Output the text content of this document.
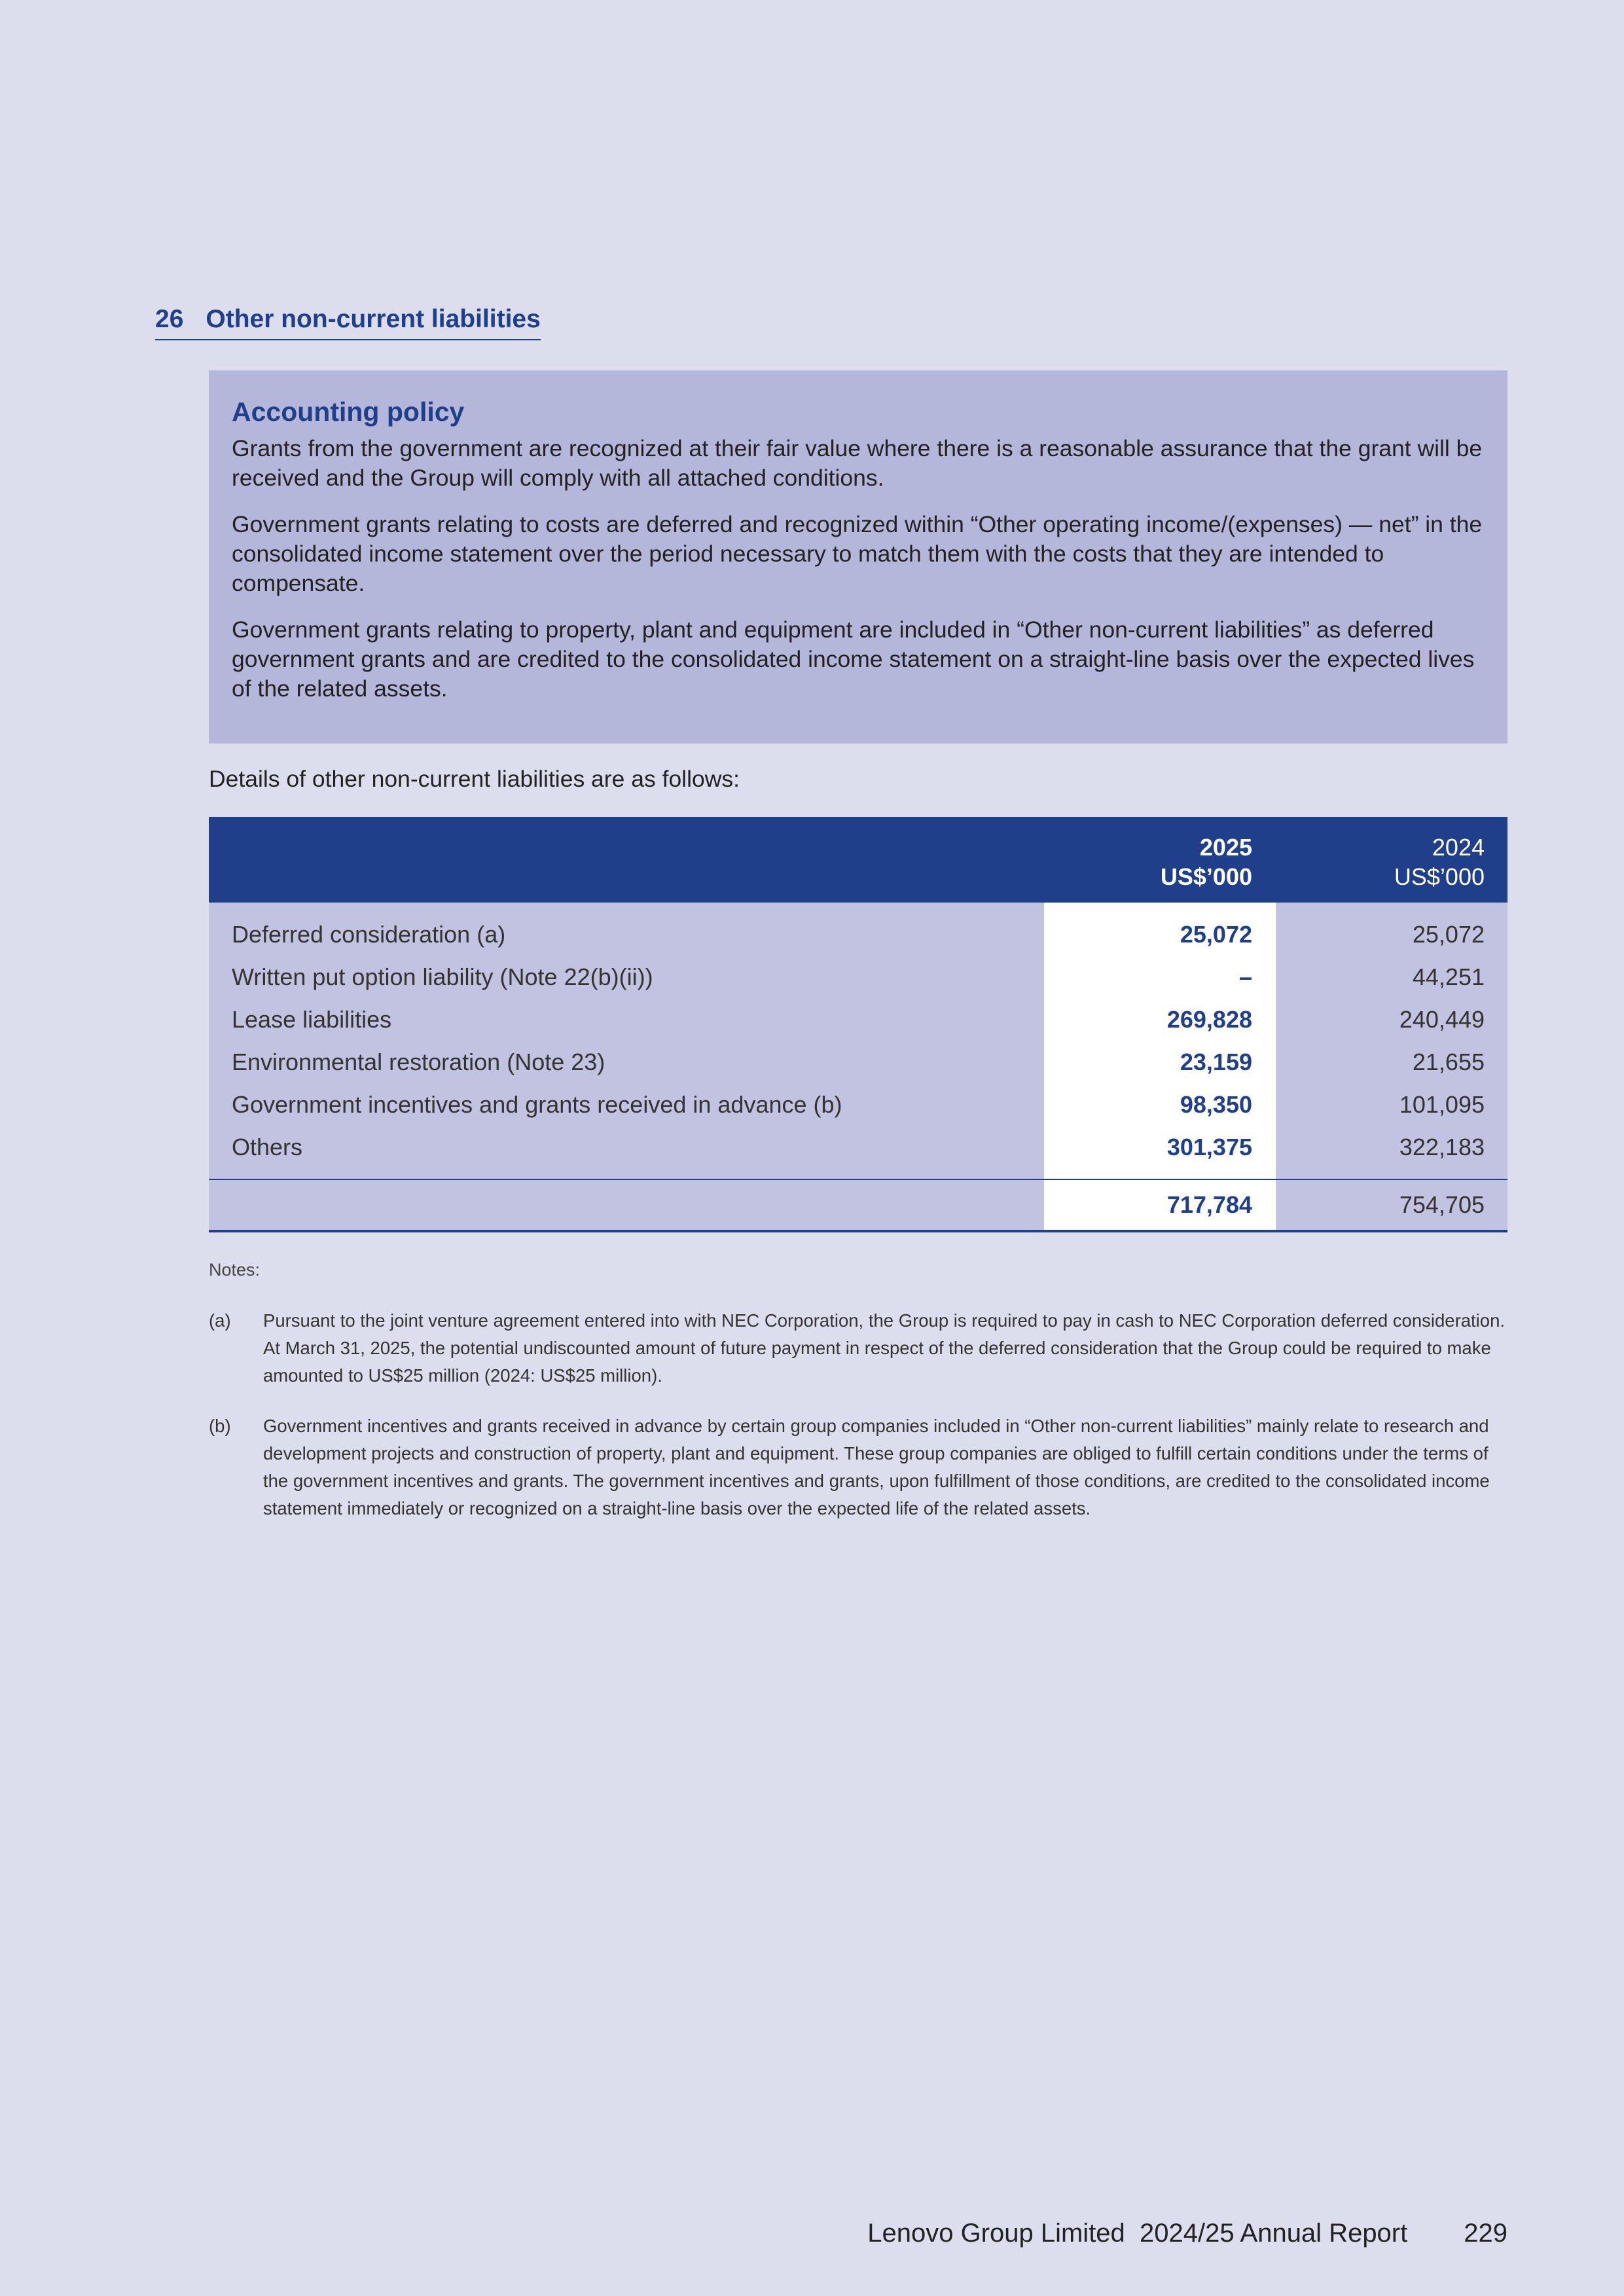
26 Other non-current liabilities
Accounting policy

Grants from the government are recognized at their fair value where there is a reasonable assurance that the grant will be received and the Group will comply with all attached conditions.

Government grants relating to costs are deferred and recognized within “Other operating income/(expenses) — net” in the consolidated income statement over the period necessary to match them with the costs that they are intended to compensate.

Government grants relating to property, plant and equipment are included in “Other non-current liabilities” as deferred government grants and are credited to the consolidated income statement on a straight-line basis over the expected lives of the related assets.

Details of other non-current liabilities are as follows:
2025
US$’000
2024
US$’000
Deferred consideration (a)	25,072	25,072
Written put option liability (Note 22(b)(ii))	–	44,251
Lease liabilities	269,828	240,449
Environmental restoration (Note 23)	23,159	21,655
Government incentives and grants received in advance (b)	98,350	101,095
Others	301,375	322,183
717,784	754,705
Notes:
(a) Pursuant to the joint venture agreement entered into with NEC Corporation, the Group is required to pay in cash to NEC Corporation deferred consideration. At March 31, 2025, the potential undiscounted amount of future payment in respect of the deferred consideration that the Group could be required to make amounted to US$25 million (2024: US$25 million).
(b) Government incentives and grants received in advance by certain group companies included in “Other non-current liabilities” mainly relate to research and development projects and construction of property, plant and equipment. These group companies are obliged to fulfill certain conditions under the terms of the government incentives and grants. The government incentives and grants, upon fulfillment of those conditions, are credited to the consolidated income statement immediately or recognized on a straight-line basis over the expected life of the related assets.
Lenovo Group Limited  2024/25 Annual Report 229
